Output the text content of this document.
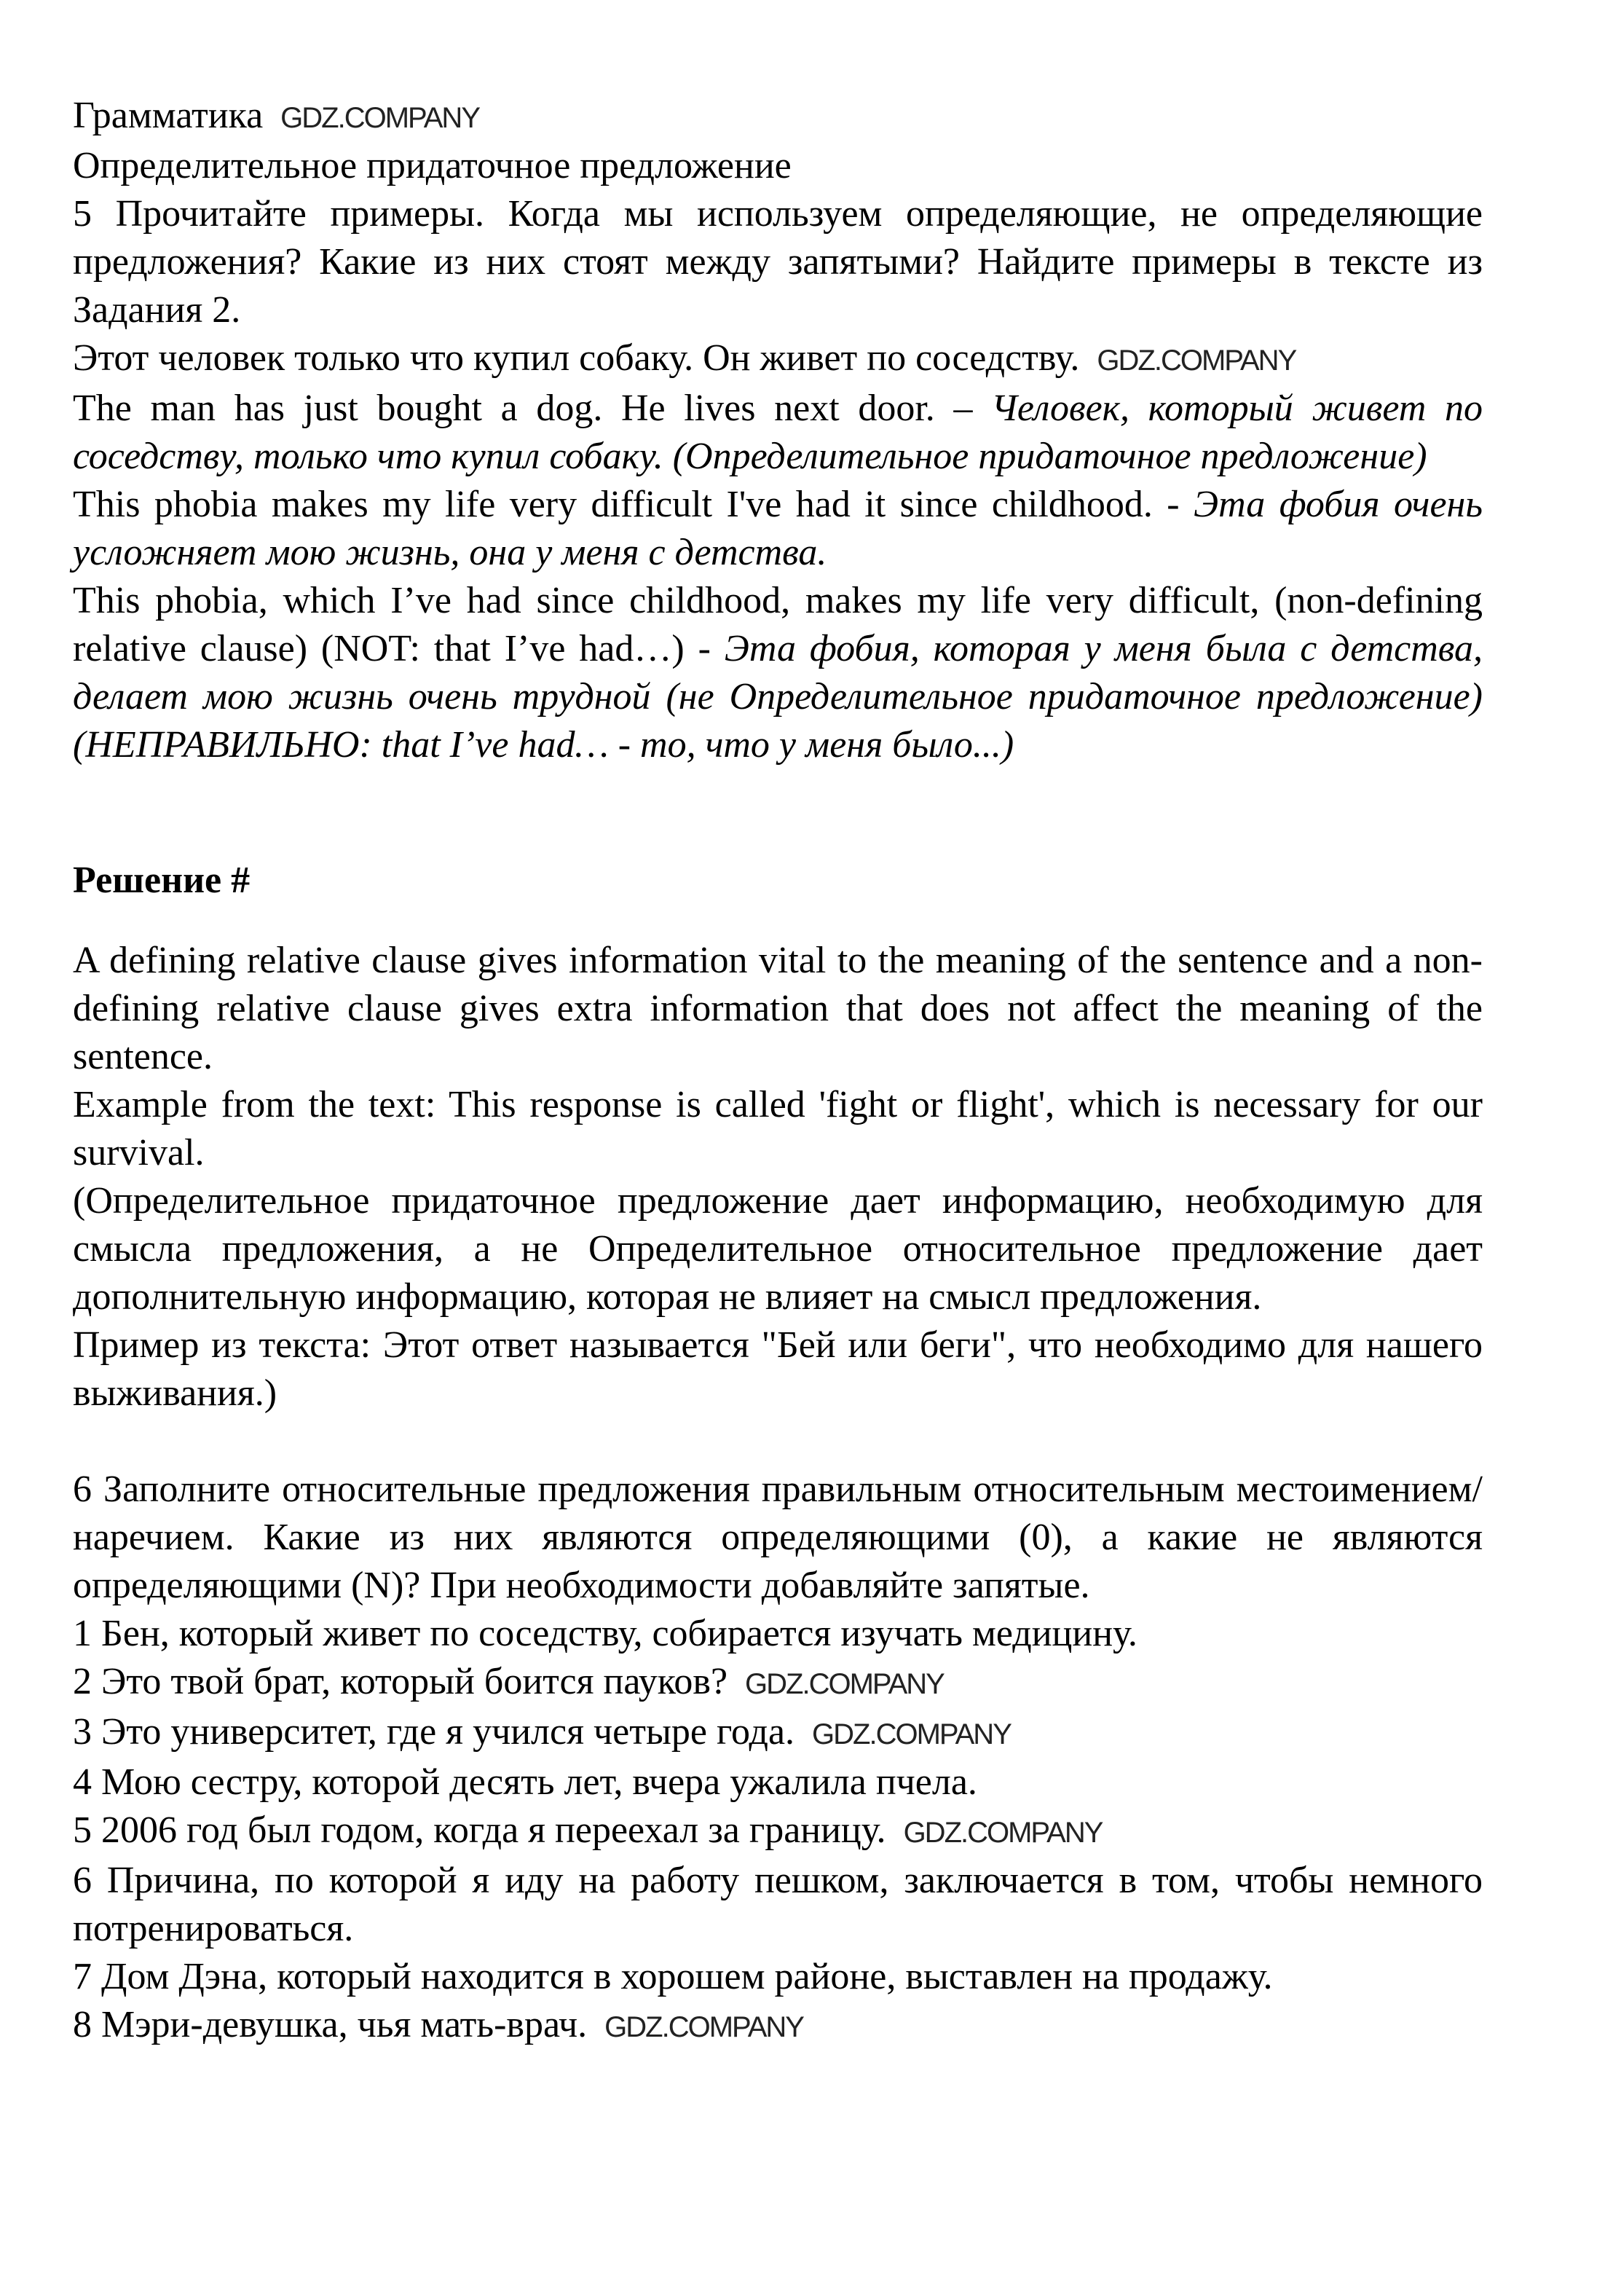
Грамматика GDZ.COMPANY

Определительное придаточное предложение

5 Прочитайте примеры. Когда мы используем определяющие, не определяющие предложения? Какие из них стоят между запятыми? Найдите примеры в тексте из Задания 2.

Этот человек только что купил собаку. Он живет по соседству. GDZ.COMPANY

The man has just bought a dog. He lives next door. – Человек, который живет по соседству, только что купил собаку. (Определительное придаточное предложение)

This phobia makes my life very difficult I've had it since childhood. - Эта фобия очень усложняет мою жизнь, она у меня с детства.

This phobia, which I’ve had since childhood, makes my life very difficult, (non-defining relative clause) (NOT: that I’ve had…) - Эта фобия, которая у меня была с детства, делает мою жизнь очень трудной (не Определительное придаточное предложение) (НЕПРАВИЛЬНО: that I’ve had… - то, что у меня было...)

Решение #

A defining relative clause gives information vital to the meaning of the sentence and a non-defining relative clause gives extra information that does not affect the meaning of the sentence.

Example from the text: This response is called 'fight or flight', which is necessary for our survival.

(Определительное придаточное предложение дает информацию, необходимую для смысла предложения, а не Определительное относительное предложение дает дополнительную информацию, которая не влияет на смысл предложения.

Пример из текста: Этот ответ называется "Бей или беги", что необходимо для нашего выживания.)

6 Заполните относительные предложения правильным относительным местоимением/наречием. Какие из них являются определяющими (0), а какие не являются определяющими (N)? При необходимости добавляйте запятые.

1 Бен, который живет по соседству, собирается изучать медицину.

2 Это твой брат, который боится пауков? GDZ.COMPANY

3 Это университет, где я учился четыре года. GDZ.COMPANY

4 Мою сестру, которой десять лет, вчера ужалила пчела.

5 2006 год был годом, когда я переехал за границу. GDZ.COMPANY

6 Причина, по которой я иду на работу пешком, заключается в том, чтобы немного потренироваться.

7 Дом Дэна, который находится в хорошем районе, выставлен на продажу.

8 Мэри-девушка, чья мать-врач. GDZ.COMPANY
